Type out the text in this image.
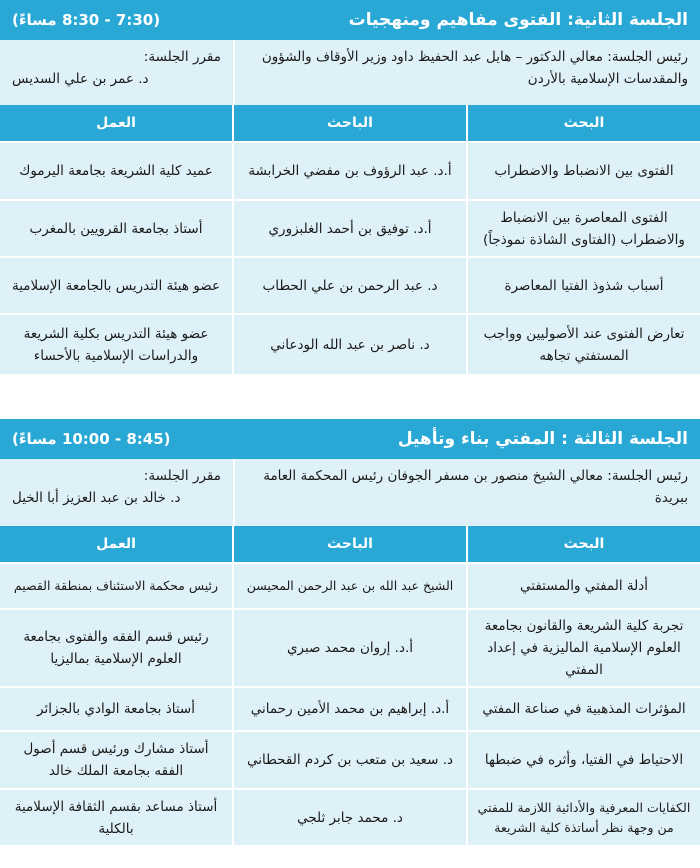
الجلسة الثانية: الفتوى مفاهيم ومنهجيات
(7:30 - 8:30 مساءً)
رئيس الجلسة: معالي الدكتور – هايل عبد الحفيظ داود وزير الأوقاف والشؤون والمقدسات الإسلامية بالأردن
مقرر الجلسة:
د. عمر بن علي السديس
البحث	الباحث	العمل
الفتوى بين الانضباط والاضطراب	أ.د. عبد الرؤوف بن مفضي الخرابشة	عميد كلية الشريعة بجامعة اليرموك
الفتوى المعاصرة بين الانضباط والاضطراب (الفتاوى الشاذة نموذجاً)	أ.د. توفيق بن أحمد الغلبزوري	أستاذ بجامعة القرويين بالمغرب
أسباب شذوذ الفتيا المعاصرة	د. عبد الرحمن بن علي الحطاب	عضو هيئة التدريس بالجامعة الإسلامية
تعارض الفتوى عند الأصوليين وواجب المستفتي تجاهه	د. ناصر بن عبد الله الودعاني	عضو هيئة التدريس بكلية الشريعة والدراسات الإسلامية بالأحساء
الجلسة الثالثة : المفتي بناء وتأهيل
(8:45 - 10:00 مساءً)
رئيس الجلسة: معالي الشيخ منصور بن مسفر الجوفان رئيس المحكمة العامة ببريدة
مقرر الجلسة:
د. خالد بن عبد العزيز أبا الخيل
البحث	الباحث	العمل
أدلة المفتي والمستفتي	الشيخ عبد الله بن عبد الرحمن المحيسن	رئيس محكمة الاستئناف بمنطقة القصيم
تجربة كلية الشريعة والقانون بجامعة العلوم الإسلامية الماليزية في إعداد المفتي	أ.د. إروان محمد صبري	رئيس قسم الفقه والفتوى بجامعة العلوم الإسلامية بماليزيا
المؤثرات المذهبية في صناعة المفتي	أ.د. إبراهيم بن محمد الأمين رحماني	أستاذ بجامعة الوادي بالجزائر
الاحتياط في الفتيا، وأثره في ضبطها	د. سعيد بن متعب بن كردم القحطاني	أستاذ مشارك ورئيس قسم أصول الفقه بجامعة الملك خالد
الكفايات المعرفية والأدائية اللازمة للمفتي من وجهة نظر أساتذة كلية الشريعة	د. محمد جابر ثلجي	أستاذ مساعد بقسم الثقافة الإسلامية بالكلية
